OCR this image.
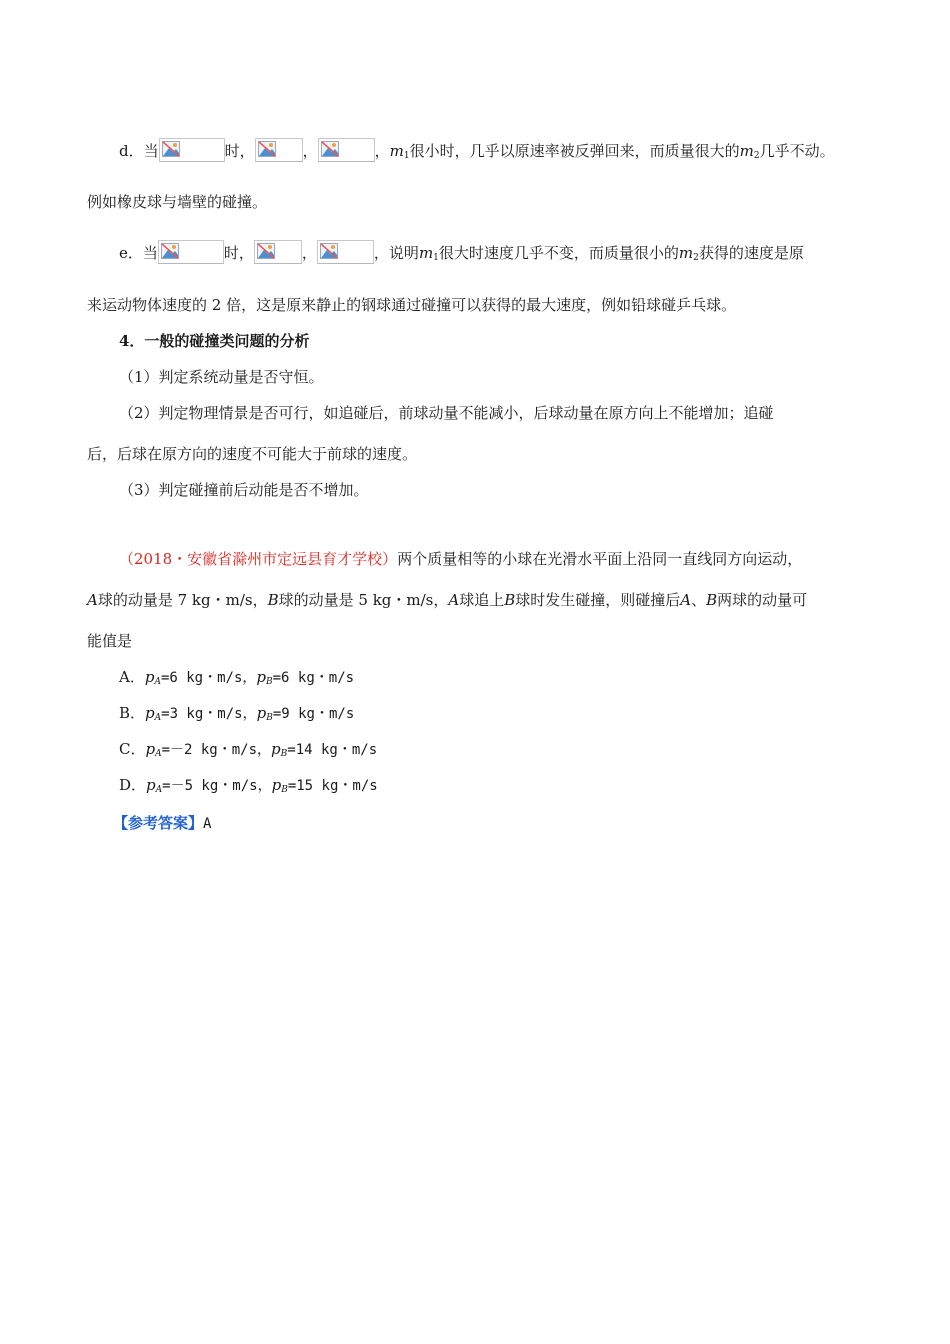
d．当	时，	，	，$m_1$很小时，几乎以原速率被反弹回来，而质量很大的$m_2$几乎不动。
例如橡皮球与墙壁的碰撞。
e．当	时，	，	，说明$m_1$很大时速度几乎不变，而质量很小的$m_2$获得的速度是原
来运动物体速度的 2 倍，这是原来静止的钢球通过碰撞可以获得的最大速度，例如铅球碰乒乓球。
4．一般的碰撞类问题的分析
（1）判定系统动量是否守恒。
（2）判定物理情景是否可行，如追碰后，前球动量不能减小，后球动量在原方向上不能增加；追碰
后，后球在原方向的速度不可能大于前球的速度。
（3）判定碰撞前后动能是否不增加。
（2018・安徽省滁州市定远县育才学校）两个质量相等的小球在光滑水平面上沿同一直线同方向运动，
A球的动量是 7 kg・m/s，B球的动量是 5 kg・m/s，A球追上B球时发生碰撞，则碰撞后A、B两球的动量可
能值是
A．$p_A=6$ kg・m/s，$p_B=6$ kg・m/s
B．$p_A=3$ kg・m/s，$p_B=9$ kg・m/s
C．$p_A=-2$ kg・m/s，$p_B=14$ kg・m/s
D．$p_A=-5$ kg・m/s，$p_B=15$ kg・m/s
【参考答案】A
